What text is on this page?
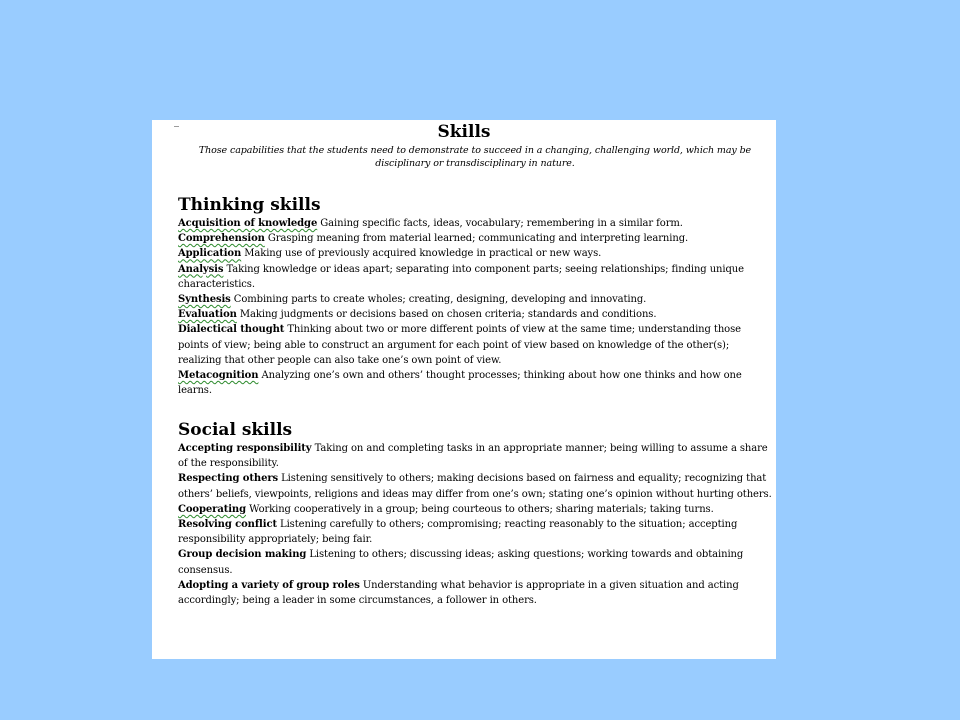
_
Skills

Those capabilities that the students need to demonstrate to succeed in a changing, challenging world, which may be disciplinary or transdisciplinary in nature.

Thinking skills

Acquisition of knowledge Gaining specific facts, ideas, vocabulary; remembering in a similar form.

Comprehension Grasping meaning from material learned; communicating and interpreting learning.

Application Making use of previously acquired knowledge in practical or new ways.

Analysis Taking knowledge or ideas apart; separating into component parts; seeing relationships; finding unique characteristics.

Synthesis Combining parts to create wholes; creating, designing, developing and innovating.

Evaluation Making judgments or decisions based on chosen criteria; standards and conditions.

Dialectical thought Thinking about two or more different points of view at the same time; understanding those points of view; being able to construct an argument for each point of view based on knowledge of the other(s); realizing that other people can also take one’s own point of view.

Metacognition Analyzing one’s own and others’ thought processes; thinking about how one thinks and how one learns.

Social skills

Accepting responsibility Taking on and completing tasks in an appropriate manner; being willing to assume a share of the responsibility.

Respecting others Listening sensitively to others; making decisions based on fairness and equality; recognizing that others’ beliefs, viewpoints, religions and ideas may differ from one’s own; stating one’s opinion without hurting others.

Cooperating Working cooperatively in a group; being courteous to others; sharing materials; taking turns.

Resolving conflict Listening carefully to others; compromising; reacting reasonably to the situation; accepting responsibility appropriately; being fair.

Group decision making Listening to others; discussing ideas; asking questions; working towards and obtaining consensus.

Adopting a variety of group roles Understanding what behavior is appropriate in a given situation and acting accordingly; being a leader in some circumstances, a follower in others.
